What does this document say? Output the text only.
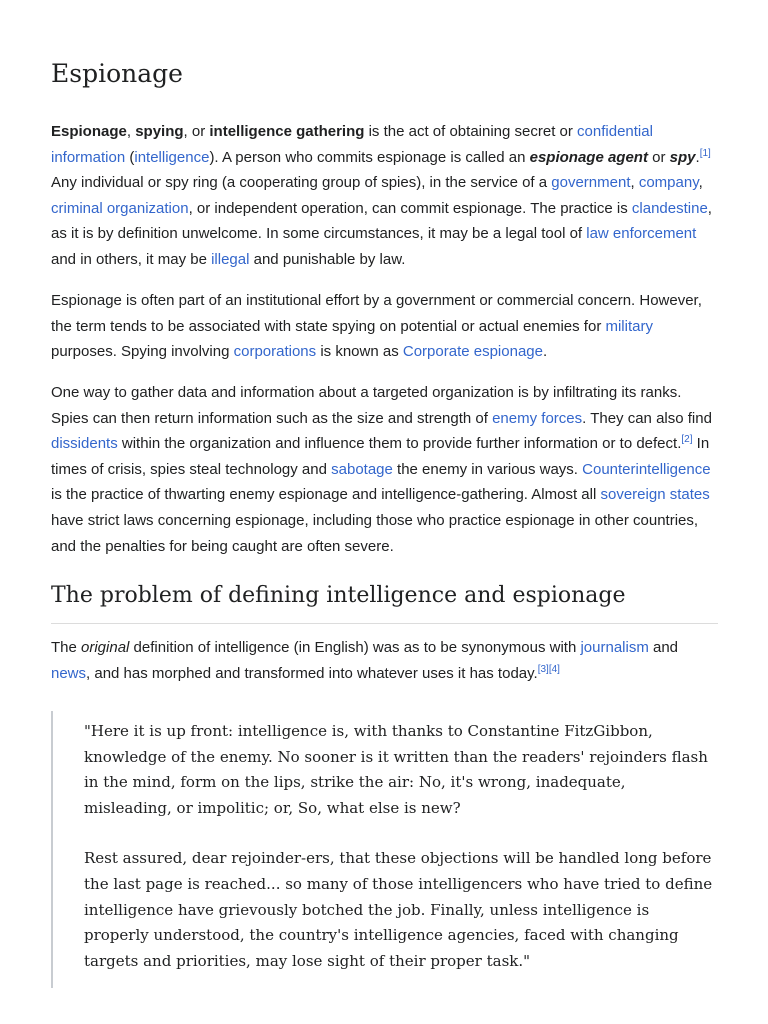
Espionage

Espionage, spying, or intelligence gathering is the act of obtaining secret or confidential information (intelligence). A person who commits espionage is called an espionage agent or spy.[1] Any individual or spy ring (a cooperating group of spies), in the service of a government, company, criminal organization, or independent operation, can commit espionage. The practice is clandestine, as it is by definition unwelcome. In some circumstances, it may be a legal tool of law enforcement and in others, it may be illegal and punishable by law.

Espionage is often part of an institutional effort by a government or commercial concern. However, the term tends to be associated with state spying on potential or actual enemies for military purposes. Spying involving corporations is known as Corporate espionage.

One way to gather data and information about a targeted organization is by infiltrating its ranks. Spies can then return information such as the size and strength of enemy forces. They can also find dissidents within the organization and influence them to provide further information or to defect.[2] In times of crisis, spies steal technology and sabotage the enemy in various ways. Counterintelligence is the practice of thwarting enemy espionage and intelligence-gathering. Almost all sovereign states have strict laws concerning espionage, including those who practice espionage in other countries, and the penalties for being caught are often severe.

The problem of defining intelligence and espionage

The original definition of intelligence (in English) was as to be synonymous with journalism and news, and has morphed and transformed into whatever uses it has today.[3][4]

"Here it is up front: intelligence is, with thanks to Constantine FitzGibbon, knowledge of the enemy. No sooner is it written than the readers' rejoinders flash in the mind, form on the lips, strike the air: No, it's wrong, inadequate, misleading, or impolitic; or, So, what else is new?

Rest assured, dear rejoinder-ers, that these objections will be handled long before the last page is reached... so many of those intelligencers who have tried to define intelligence have grievously botched the job. Finally, unless intelligence is properly understood, the country's intelligence agencies, faced with changing targets and priorities, may lose sight of their proper task."
